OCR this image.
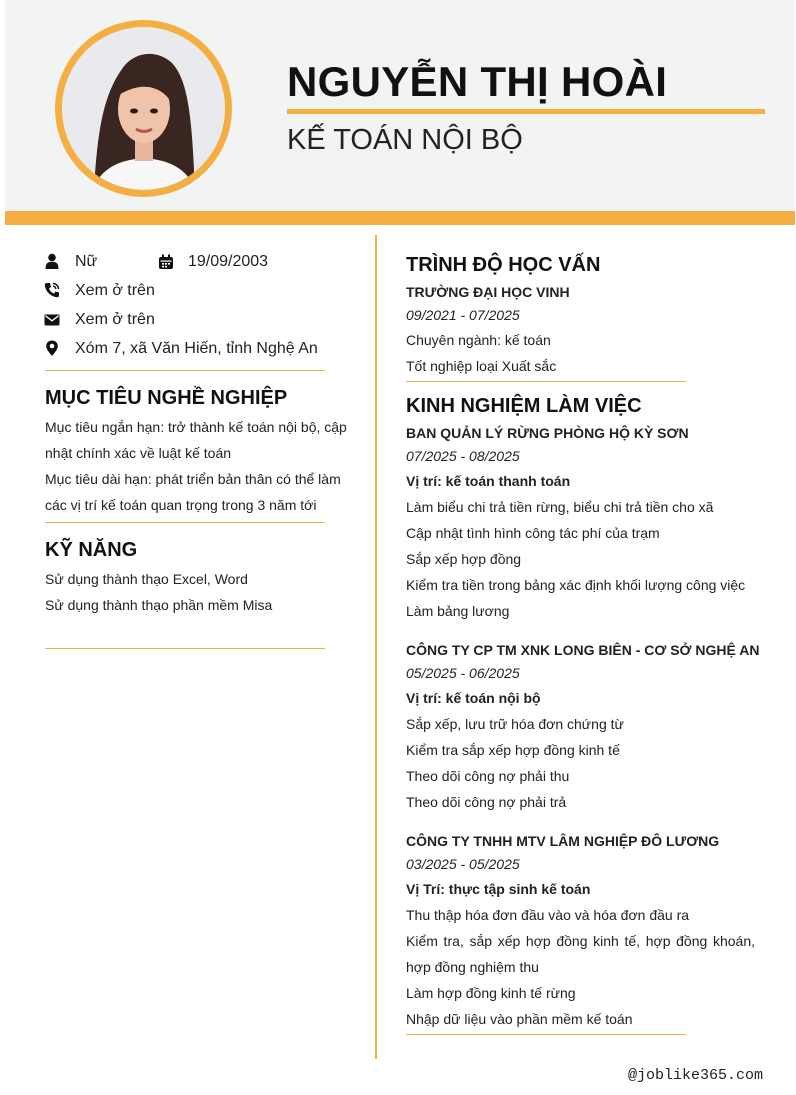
NGUYỄN THỊ HOÀI
KẾ TOÁN NỘI BỘ
Nữ	19/09/2003
Xem ở trên
Xem ở trên
Xóm 7, xã Văn Hiến, tỉnh Nghệ An
MỤC TIÊU NGHỀ NGHIỆP
Mục tiêu ngắn hạn: trở thành kế toán nội bộ, cập
nhật chính xác về luật kế toán
Mục tiêu dài hạn: phát triển bản thân có thể làm
các vị trí kế toán quan trọng trong 3 năm tới
KỸ NĂNG
Sử dụng thành thạo Excel, Word
Sử dụng thành thạo phần mềm Misa
TRÌNH ĐỘ HỌC VẤN
TRƯỜNG ĐẠI HỌC VINH
09/2021 - 07/2025
Chuyên ngành: kế toán
Tốt nghiệp loại Xuất sắc
KINH NGHIỆM LÀM VIỆC
BAN QUẢN LÝ RỪNG PHÒNG HỘ KỲ SƠN
07/2025 - 08/2025
Vị trí: kế toán thanh toán
Làm biểu chi trả tiền rừng, biểu chi trả tiền cho xã
Cập nhật tình hình công tác phí của trạm
Sắp xếp hợp đồng
Kiểm tra tiền trong bảng xác định khối lượng công việc
Làm bảng lương
CÔNG TY CP TM XNK LONG BIÊN - CƠ SỞ NGHỆ AN
05/2025 - 06/2025
Vị trí: kế toán nội bộ
Sắp xếp, lưu trữ hóa đơn chứng từ
Kiểm tra sắp xếp hợp đồng kinh tế
Theo dõi công nợ phải thu
Theo dõi công nợ phải trả
CÔNG TY TNHH MTV LÂM NGHIỆP ĐÔ LƯƠNG
03/2025 - 05/2025
Vị Trí: thực tập sinh kế toán
Thu thập hóa đơn đầu vào và hóa đơn đầu ra
Kiểm tra, sắp xếp hợp đồng kinh tế, hợp đồng khoán,
hợp đồng nghiệm thu
Làm hợp đồng kinh tế rừng
Nhập dữ liệu vào phần mềm kế toán
@joblike365.com
